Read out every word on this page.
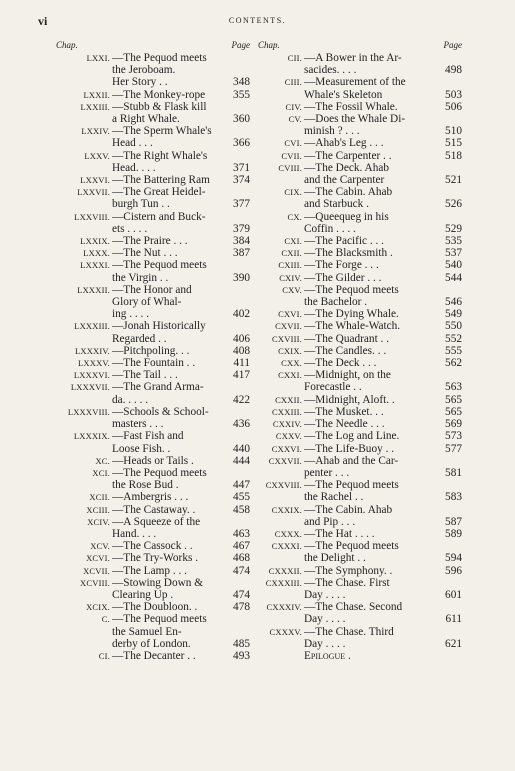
vi	CONTENTS.
Chap.	Page
LXXI. —The Pequod meets
the Jeroboam.
Her Story . .	348
LXXII. —The Monkey-rope	355
LXXIII. —Stubb & Flask kill
a Right Whale.	360
LXXIV. —The Sperm Whale's
Head . . .	366
LXXV. —The Right Whale's
Head. . . .	371
LXXVI. —The Battering Ram	374
LXXVII. —The Great Heidel-
burgh Tun . .	377
LXXVIII. —Cistern and Buck-
ets . . . .	379
LXXIX. —The Praire . . .	384
LXXX. —The Nut . . .	387
LXXXI. —The Pequod meets
the Virgin . .	390
LXXXII. —The Honor and
Glory of Whal-
ing . . . .	402
LXXXIII. —Jonah Historically
Regarded . .	406
LXXXIV. —Pitchpoling. . .	408
LXXXV. —The Fountain . .	411
LXXXVI. —The Tail . . .	417
LXXXVII. —The Grand Arma-
da. . . . .	422
LXXXVIII. —Schools & School-
masters . . .	436
LXXXIX. —Fast Fish and
Loose Fish. .	440
XC. —Heads or Tails .	444
XCI. —The Pequod meets
the Rose Bud .	447
XCII. —Ambergris . . .	455
XCIII. —The Castaway. .	458
XCIV. —A Squeeze of the
Hand. . . .	463
XCV. —The Cassock . .	467
XCVI. —The Try-Works .	468
XCVII. —The Lamp . . .	474
XCVIII. —Stowing Down &
Clearing Up .	474
XCIX. —The Doubloon. .	478
C. —The Pequod meets
the Samuel En-
derby of London.	485
CI. —The Decanter . .	493
Chap.	Page
CII. —A Bower in the Ar-
sacides. . . .	498
CIII. —Measurement of the
Whale's Skeleton	503
CIV. —The Fossil Whale.	506
CV. —Does the Whale Di-
minish ? . . .	510
CVI. —Ahab's Leg . . .	515
CVII. —The Carpenter . .	518
CVIII. —The Deck. Ahab
and the Carpenter	521
CIX. —The Cabin. Ahab
and Starbuck .	526
CX. —Queequeg in his
Coffin . . . .	529
CXI. —The Pacific . . .	535
CXII. —The Blacksmith .	537
CXIII. —The Forge . . .	540
CXIV. —The Gilder . . .	544
CXV. —The Pequod meets
the Bachelor .	546
CXVI. —The Dying Whale.	549
CXVII. —The Whale-Watch.	550
CXVIII. —The Quadrant . .	552
CXIX. —The Candles. . .	555
CXX. —The Deck . . .	562
CXXI. —Midnight, on the
Forecastle . .	563
CXXII. —Midnight, Aloft. .	565
CXXIII. —The Musket. . .	565
CXXIV. —The Needle . . .	569
CXXV. —The Log and Line.	573
CXXVI. —The Life-Buoy . .	577
CXXVII. —Ahab and the Car-
penter . . .	581
CXXVIII. —The Pequod meets
the Rachel . .	583
CXXIX. —The Cabin. Ahab
and Pip . . .	587
CXXX. —The Hat . . . .	589
CXXXI. —The Pequod meets
the Delight . .	594
CXXXII. —The Symphony. .	596
CXXXIII. —The Chase. First
Day . . . .	601
CXXXIV. —The Chase. Second
Day . . . .	611
CXXXV. —The Chase. Third
Day . . . .	621
Epilogue .
